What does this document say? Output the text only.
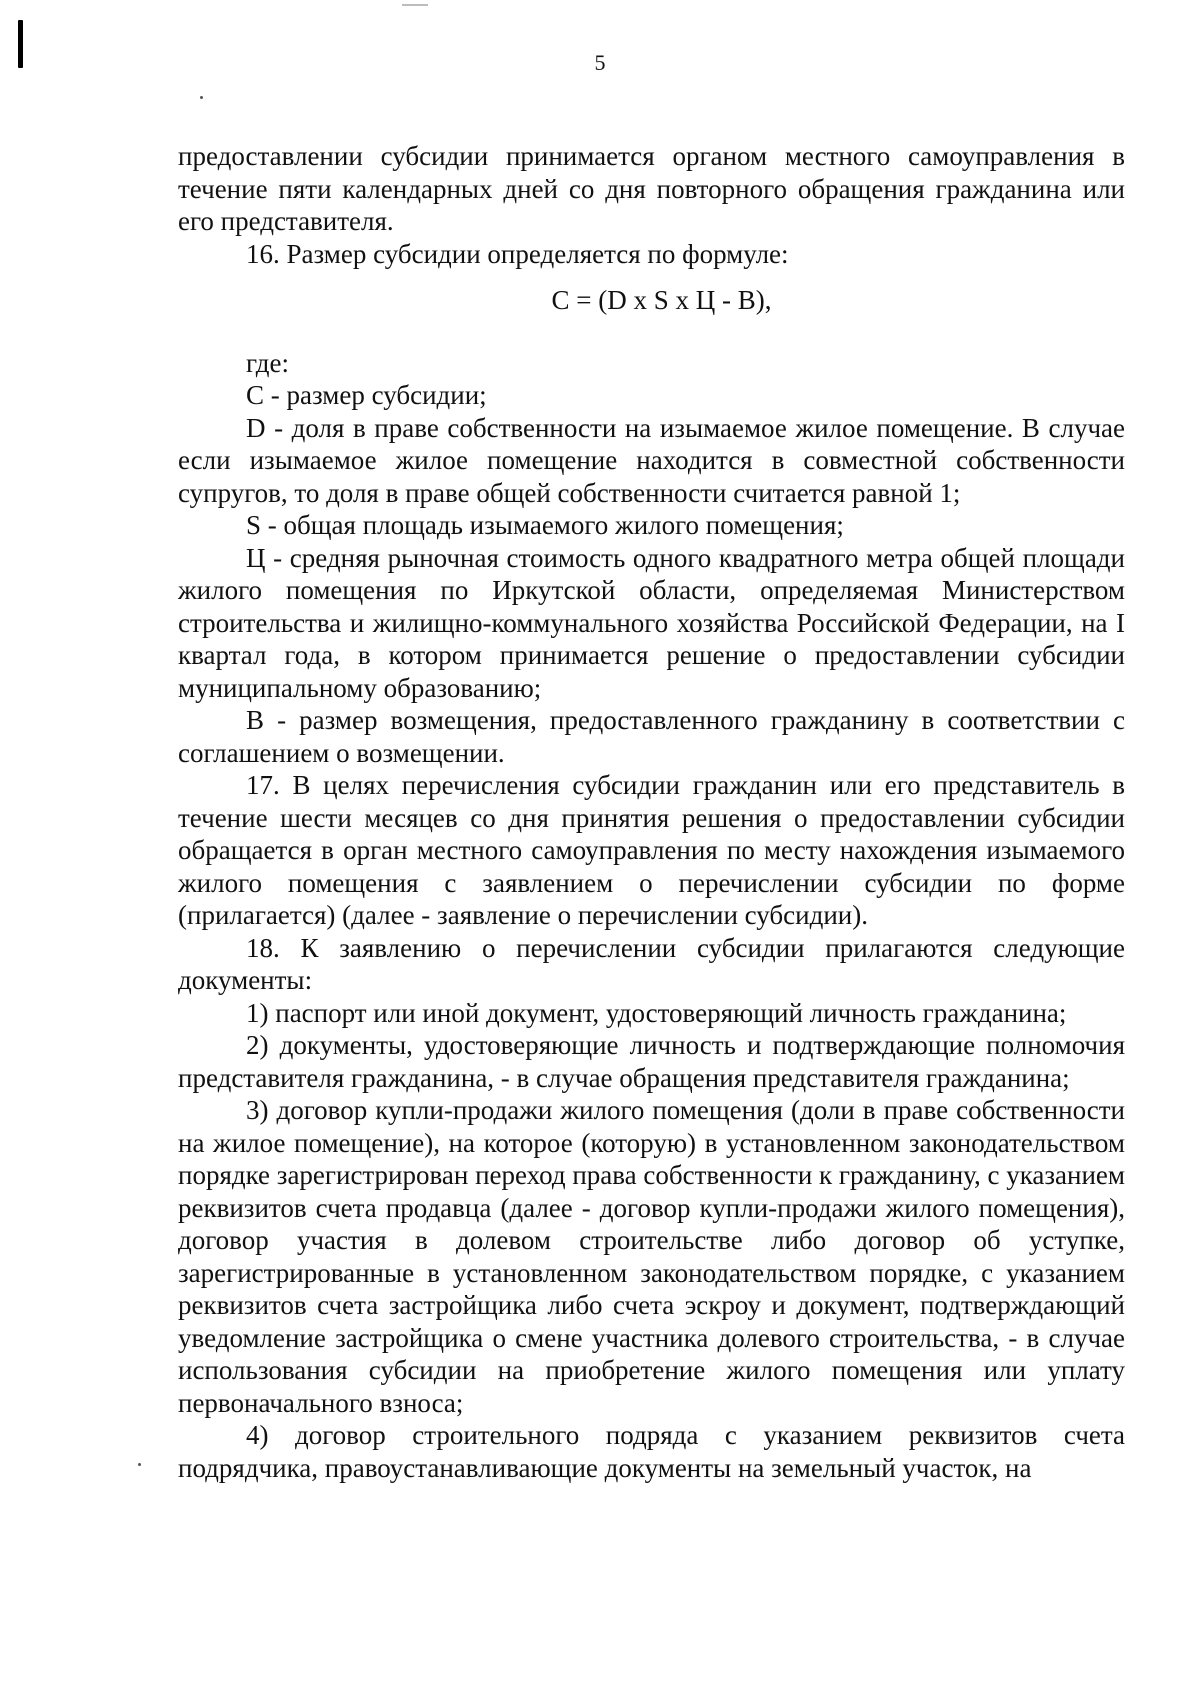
5

предоставлении субсидии принимается органом местного самоуправления в течение пяти календарных дней со дня повторного обращения гражданина или его представителя.

16. Размер субсидии определяется по формуле:

C = (D x S x Ц - B),

где:

C - размер субсидии;

D - доля в праве собственности на изымаемое жилое помещение. В случае если изымаемое жилое помещение находится в совместной собственности супругов, то доля в праве общей собственности считается равной 1;

S - общая площадь изымаемого жилого помещения;

Ц - средняя рыночная стоимость одного квадратного метра общей площади жилого помещения по Иркутской области, определяемая Министерством строительства и жилищно-коммунального хозяйства Российской Федерации, на I квартал года, в котором принимается решение о предоставлении субсидии муниципальному образованию;

B - размер возмещения, предоставленного гражданину в соответствии с соглашением о возмещении.

17. В целях перечисления субсидии гражданин или его представитель в течение шести месяцев со дня принятия решения о предоставлении субсидии обращается в орган местного самоуправления по месту нахождения изымаемого жилого помещения с заявлением о перечислении субсидии по форме (прилагается) (далее - заявление о перечислении субсидии).

18. К заявлению о перечислении субсидии прилагаются следующие документы:

1) паспорт или иной документ, удостоверяющий личность гражданина;

2) документы, удостоверяющие личность и подтверждающие полномочия представителя гражданина, - в случае обращения представителя гражданина;

3) договор купли-продажи жилого помещения (доли в праве собственности на жилое помещение), на которое (которую) в установленном законодательством порядке зарегистрирован переход права собственности к гражданину, с указанием реквизитов счета продавца (далее - договор купли-продажи жилого помещения), договор участия в долевом строительстве либо договор об уступке, зарегистрированные в установленном законодательством порядке, с указанием реквизитов счета застройщика либо счета эскроу и документ, подтверждающий уведомление застройщика о смене участника долевого строительства, - в случае использования субсидии на приобретение жилого помещения или уплату первоначального взноса;

4) договор строительного подряда с указанием реквизитов счета подрядчика, правоустанавливающие документы на земельный участок, на
